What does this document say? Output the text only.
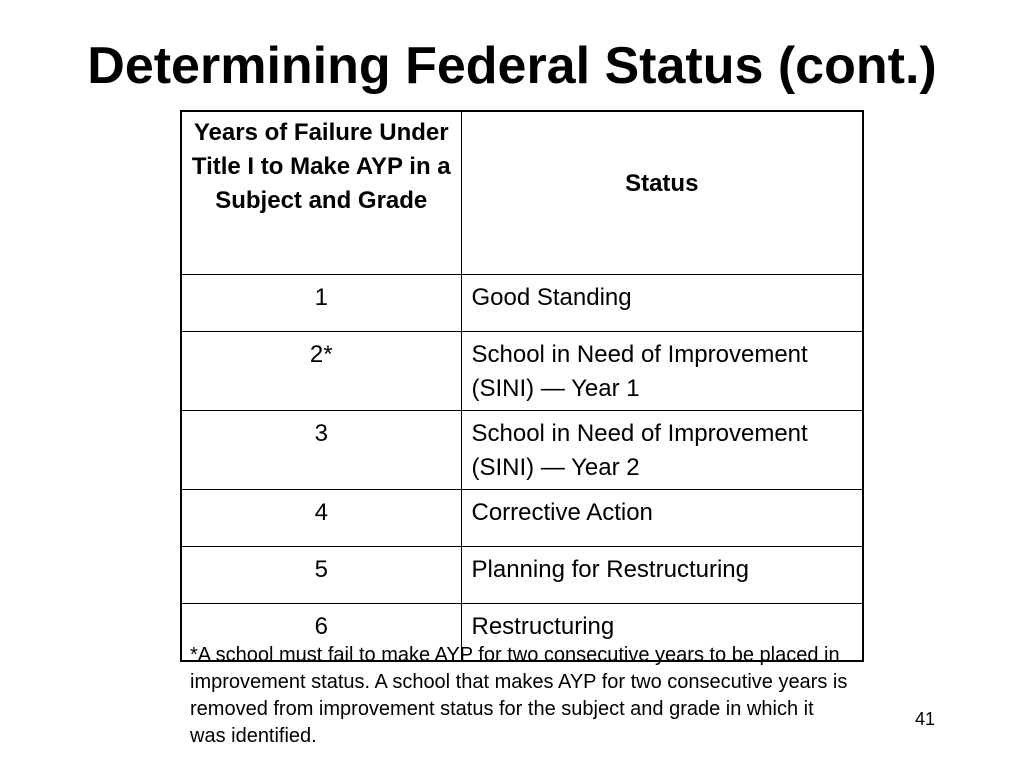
Determining Federal Status (cont.)
Years of Failure Under Title I to Make AYP in a Subject and Grade	Status
1	Good Standing
2*	School in Need of Improvement (SINI) — Year 1
3	School in Need of Improvement (SINI) — Year 2
4	Corrective Action
5	Planning for Restructuring
6	Restructuring

*A school must fail to make AYP for two consecutive years to be placed in improvement status. A school that makes AYP for two consecutive years is removed from improvement status for the subject and grade in which it was identified.

41
